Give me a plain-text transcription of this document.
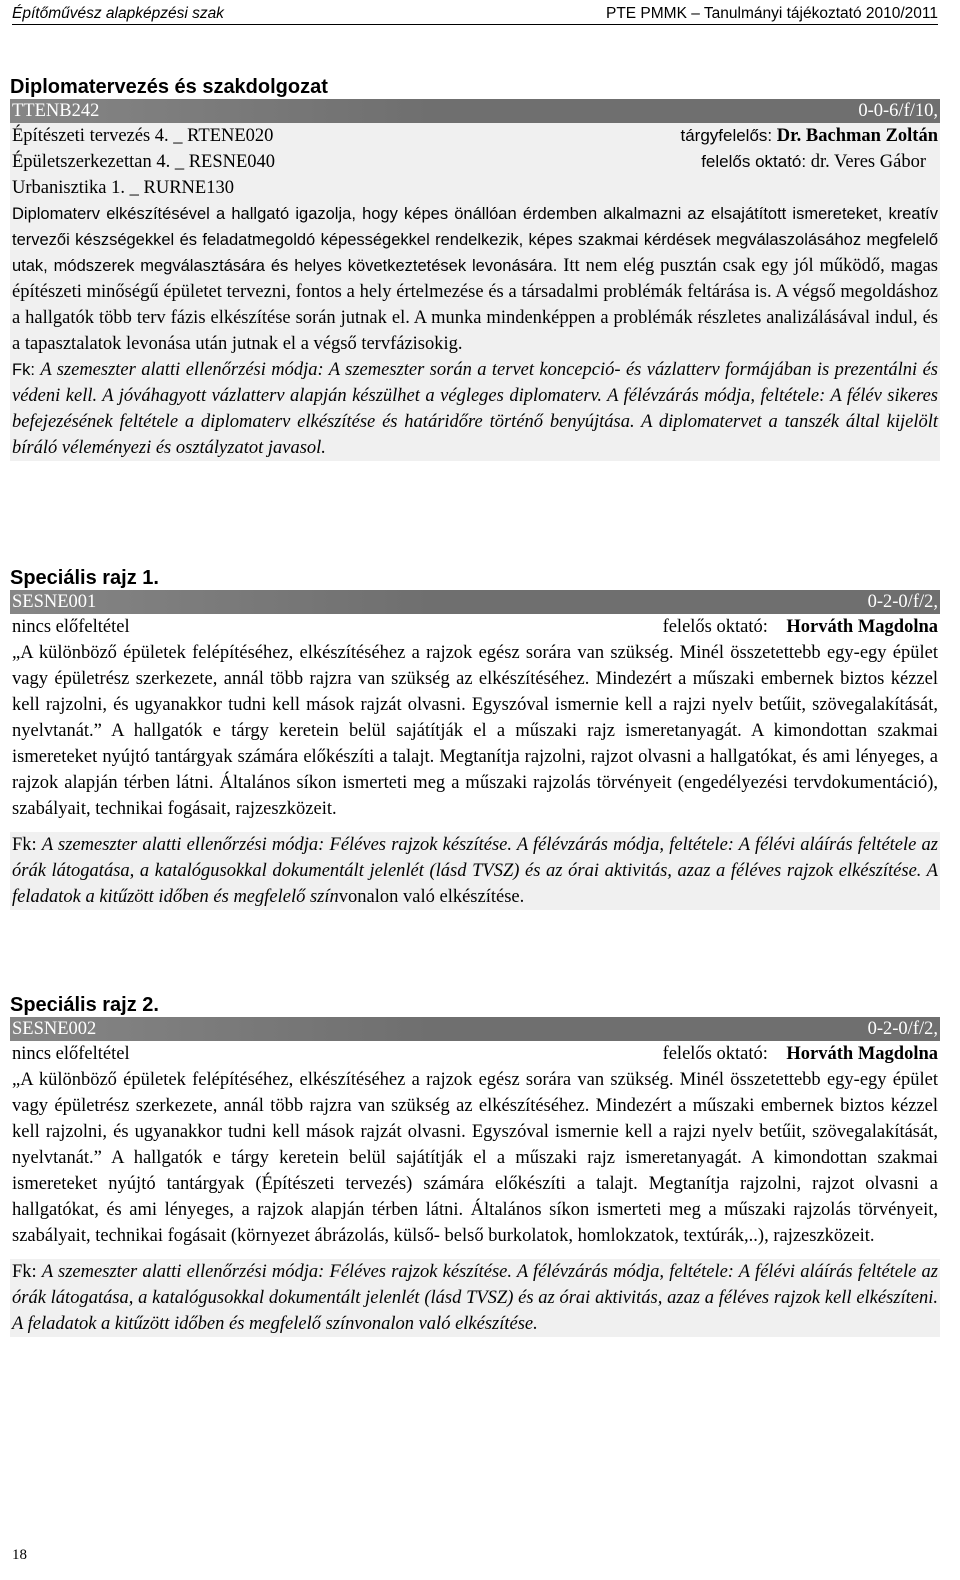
Építőművész alapképzési szak	PTE PMMK – Tanulmányi tájékoztató 2010/2011
Diplomatervezés és szakdolgozat
TTENB242	0-0-6/f/10,
Építészeti tervezés 4. _ RTENE020	tárgyfelelős: Dr. Bachman Zoltán
Épületszerkezettan 4. _ RESNE040	felelős oktató: dr. Veres Gábor
Urbanisztika 1. _ RURNE130

Diplomaterv elkészítésével a hallgató igazolja, hogy képes önállóan érdemben alkalmazni az elsajátított ismereteket, kreatív tervezői készségekkel és feladatmegoldó képességekkel rendelkezik, képes szakmai kérdések megválaszolásához megfelelő utak, módszerek megválasztására és helyes következtetések levonására. Itt nem elég pusztán csak egy jól működő, magas építészeti minőségű épületet tervezni, fontos a hely értelmezése és a társadalmi problémák feltárása is. A végső megoldáshoz a hallgatók több terv fázis elkészítése során jutnak el. A munka mindenképpen a problémák részletes analizálásával indul, és a tapasztalatok levonása után jutnak el a végső tervfázisokig.

Fk: A szemeszter alatti ellenőrzési módja: A szemeszter során a tervet koncepció- és vázlatterv formájában is prezentálni és védeni kell. A jóváhagyott vázlatterv alapján készülhet a végleges diplomaterv. A félévzárás módja, feltétele: A félév sikeres befejezésének feltétele a diplomaterv elkészítése és határidőre történő benyújtása. A diplomatervet a tanszék által kijelölt bíráló véleményezi és osztályzatot javasol.

Speciális rajz 1.
SESNE001	0-2-0/f/2,
nincs előfeltétel	felelős oktató: Horváth Magdolna

„A különböző épületek felépítéséhez, elkészítéséhez a rajzok egész sorára van szükség. Minél összetettebb egy-egy épület vagy épületrész szerkezete, annál több rajzra van szükség az elkészítéséhez. Mindezért a műszaki embernek biztos kézzel kell rajzolni, és ugyanakkor tudni kell mások rajzát olvasni. Egyszóval ismernie kell a rajzi nyelv betűit, szövegalakítását, nyelvtanát.” A hallgatók e tárgy keretein belül sajátítják el a műszaki rajz ismeretanyagát. A kimondottan szakmai ismereteket nyújtó tantárgyak számára előkészíti a talajt. Megtanítja rajzolni, rajzot olvasni a hallgatókat, és ami lényeges, a rajzok alapján térben látni. Általános síkon ismerteti meg a műszaki rajzolás törvényeit (engedélyezési tervdokumentáció), szabályait, technikai fogásait, rajzeszközeit.

Fk: A szemeszter alatti ellenőrzési módja: Féléves rajzok készítése. A félévzárás módja, feltétele: A félévi aláírás feltétele az órák látogatása, a katalógusokkal dokumentált jelenlét (lásd TVSZ) és az órai aktivitás, azaz a féléves rajzok elkészítése. A feladatok a kitűzött időben és megfelelő színvonalon való elkészítése.

Speciális rajz 2.
SESNE002	0-2-0/f/2,
nincs előfeltétel	felelős oktató: Horváth Magdolna

„A különböző épületek felépítéséhez, elkészítéséhez a rajzok egész sorára van szükség. Minél összetettebb egy-egy épület vagy épületrész szerkezete, annál több rajzra van szükség az elkészítéséhez. Mindezért a műszaki embernek biztos kézzel kell rajzolni, és ugyanakkor tudni kell mások rajzát olvasni. Egyszóval ismernie kell a rajzi nyelv betűit, szövegalakítását, nyelvtanát.” A hallgatók e tárgy keretein belül sajátítják el a műszaki rajz ismeretanyagát. A kimondottan szakmai ismereteket nyújtó tantárgyak (Építészeti tervezés) számára előkészíti a talajt. Megtanítja rajzolni, rajzot olvasni a hallgatókat, és ami lényeges, a rajzok alapján térben látni. Általános síkon ismerteti meg a műszaki rajzolás törvényeit, szabályait, technikai fogásait (környezet ábrázolás, külső- belső burkolatok, homlokzatok, textúrák,..), rajzeszközeit.

Fk: A szemeszter alatti ellenőrzési módja: Féléves rajzok készítése. A félévzárás módja, feltétele: A félévi aláírás feltétele az órák látogatása, a katalógusokkal dokumentált jelenlét (lásd TVSZ) és az órai aktivitás, azaz a féléves rajzok kell elkészíteni. A feladatok a kitűzött időben és megfelelő színvonalon való elkészítése.

18
